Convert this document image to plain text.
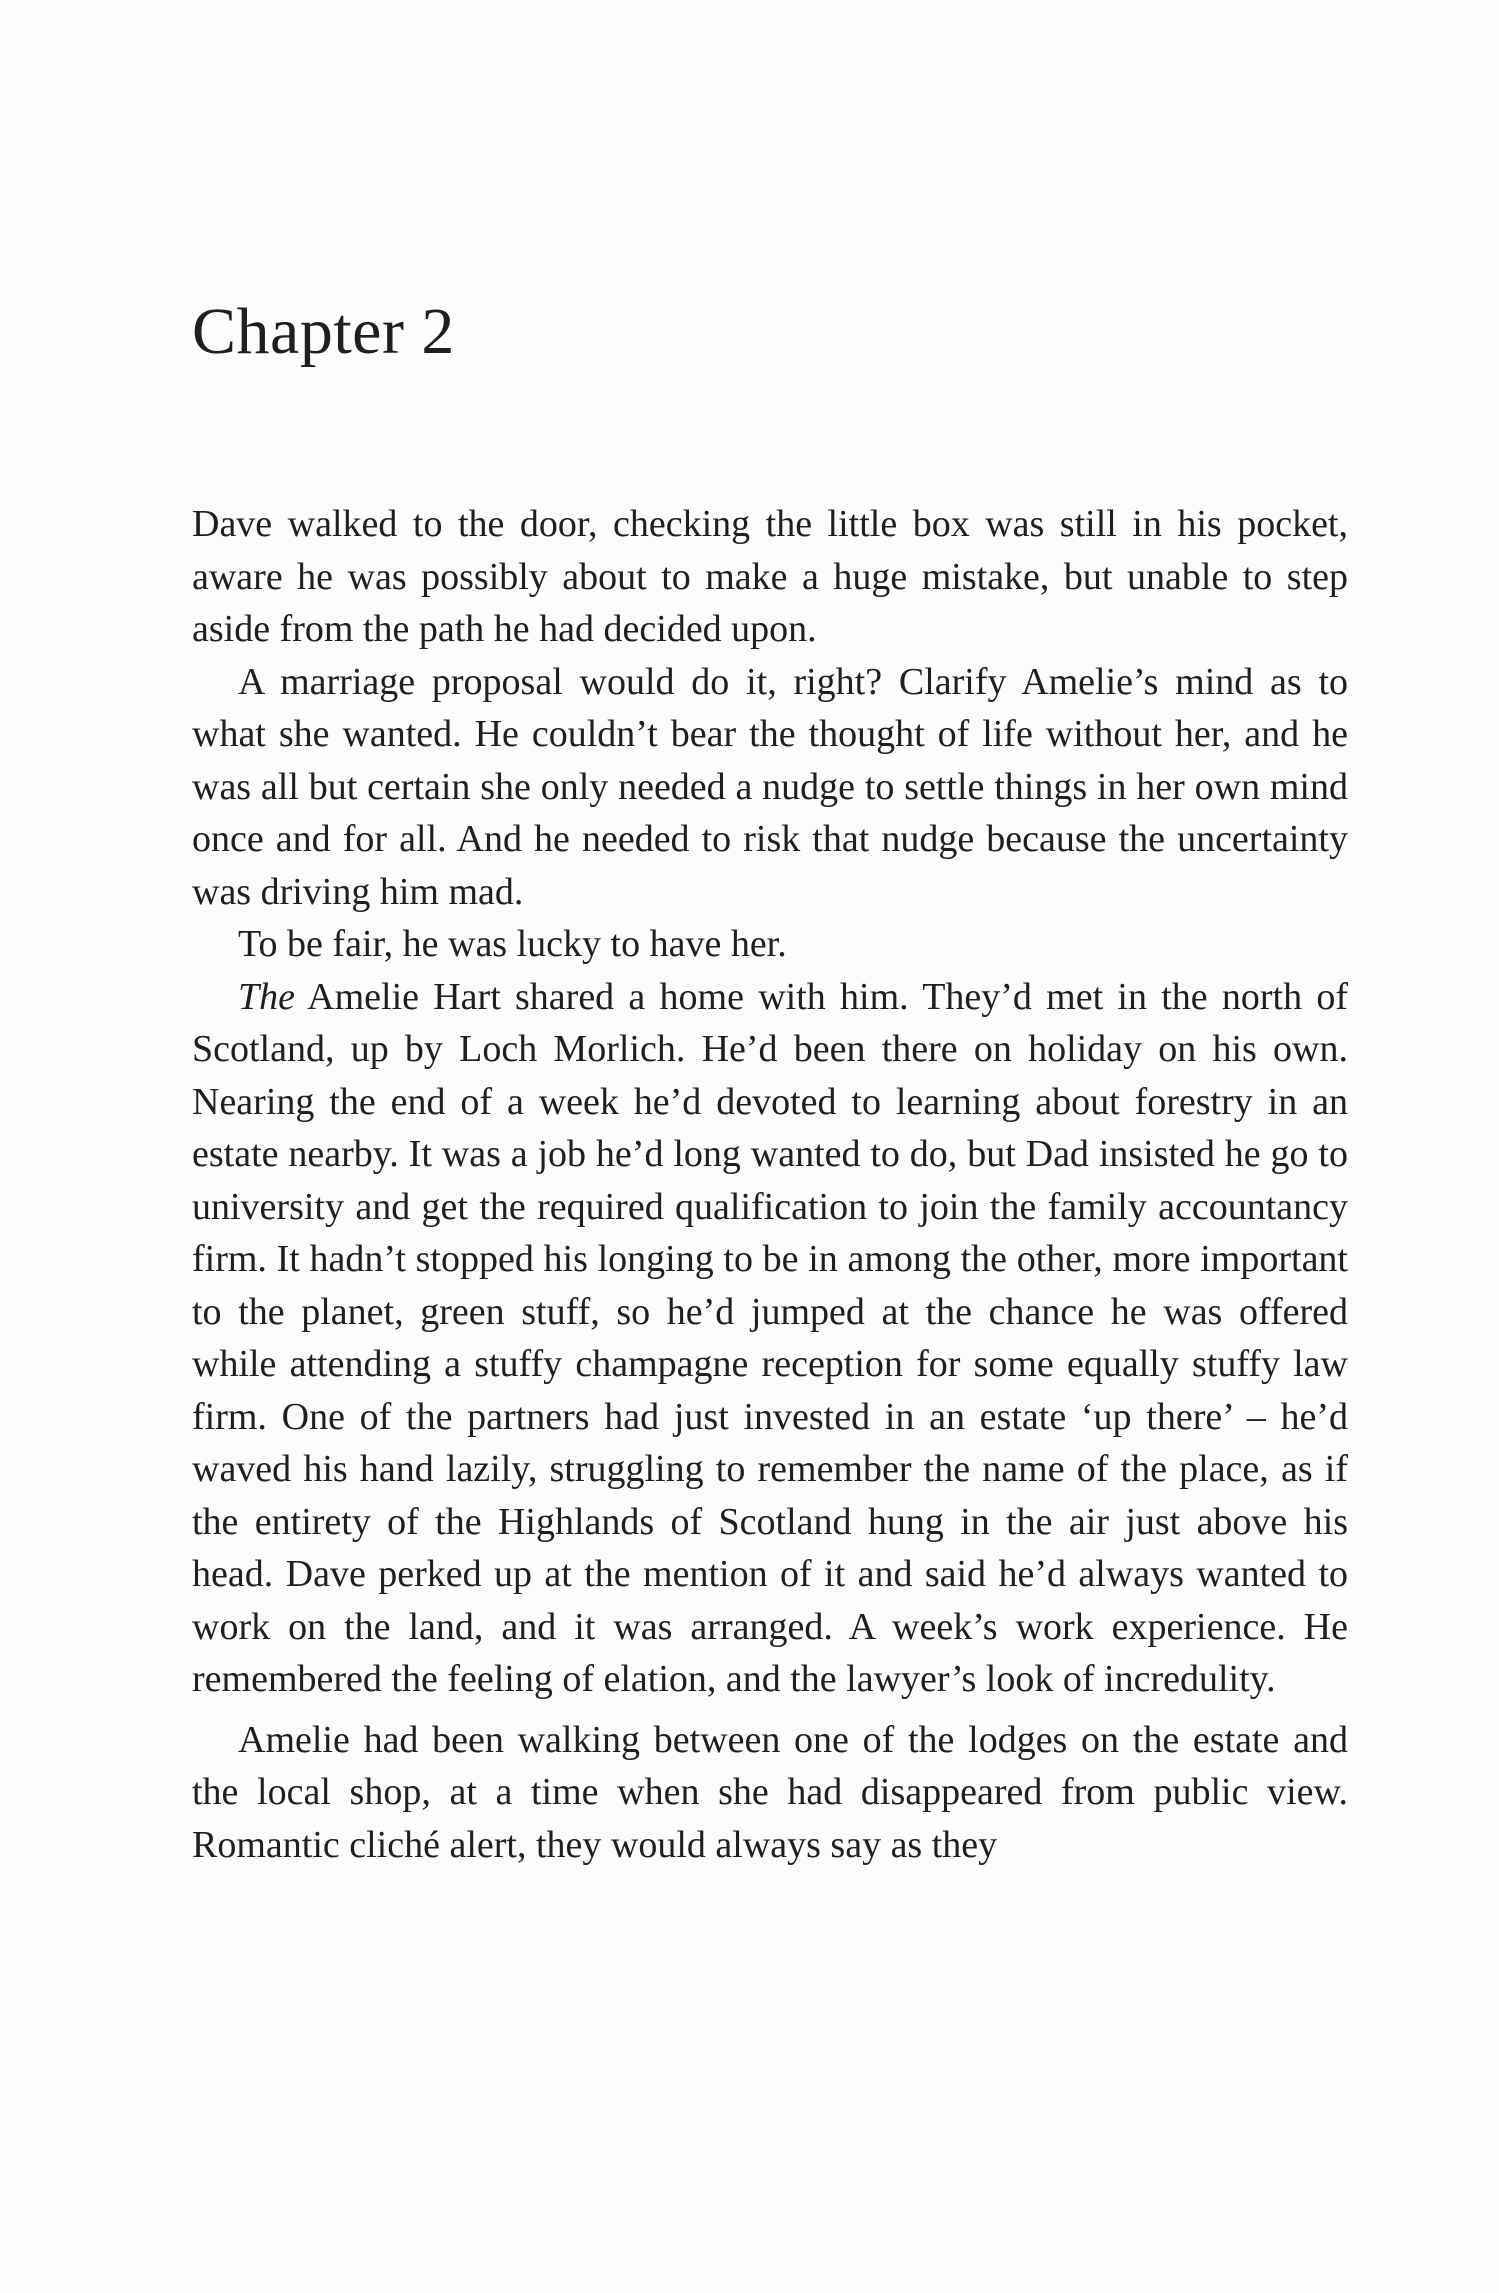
Chapter 2

Dave walked to the door, checking the little box was still in his pocket, aware he was possibly about to make a huge mistake, but unable to step aside from the path he had decided upon.

A marriage proposal would do it, right? Clarify Amelie’s mind as to what she wanted. He couldn’t bear the thought of life without her, and he was all but certain she only needed a nudge to settle things in her own mind once and for all. And he needed to risk that nudge because the uncertainty was driving him mad.

To be fair, he was lucky to have her.

The Amelie Hart shared a home with him. They’d met in the north of Scotland, up by Loch Morlich. He’d been there on holiday on his own. Nearing the end of a week he’d devoted to learning about forestry in an estate nearby. It was a job he’d long wanted to do, but Dad insisted he go to university and get the required qualification to join the family accountancy firm. It hadn’t stopped his longing to be in among the other, more important to the planet, green stuff, so he’d jumped at the chance he was offered while attending a stuffy champagne reception for some equally stuffy law firm. One of the partners had just invested in an estate ‘up there’ – he’d waved his hand lazily, struggling to remember the name of the place, as if the entirety of the Highlands of Scotland hung in the air just above his head. Dave perked up at the mention of it and said he’d always wanted to work on the land, and it was arranged. A week’s work experience. He remembered the feeling of elation, and the lawyer’s look of incredulity.

Amelie had been walking between one of the lodges on the estate and the local shop, at a time when she had disappeared from public view. Romantic cliché alert, they would always say as they
